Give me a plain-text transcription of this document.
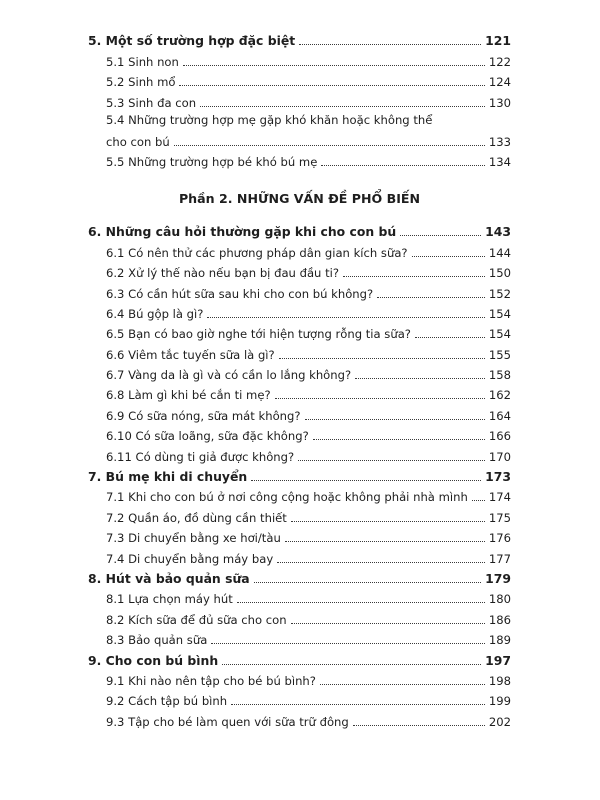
5. Một số trường hợp đặc biệt	121
5.1 Sinh non	122
5.2 Sinh mổ	124
5.3 Sinh đa con	130
5.4 Những trường hợp mẹ gặp khó khăn hoặc không thể
cho con bú	133
5.5 Những trường hợp bé khó bú mẹ	134
Phần 2. NHỮNG VẤN ĐỀ PHỔ BIẾN
6. Những câu hỏi thường gặp khi cho con bú	143
6.1 Có nên thử các phương pháp dân gian kích sữa?	144
6.2 Xử lý thế nào nếu bạn bị đau đầu ti?	150
6.3 Có cần hút sữa sau khi cho con bú không?	152
6.4 Bú gộp là gì?	154
6.5 Bạn có bao giờ nghe tới hiện tượng rỗng tia sữa?	154
6.6 Viêm tắc tuyến sữa là gì?	155
6.7 Vàng da là gì và có cần lo lắng không?	158
6.8 Làm gì khi bé cắn ti mẹ?	162
6.9 Có sữa nóng, sữa mát không?	164
6.10 Có sữa loãng, sữa đặc không?	166
6.11 Có dùng ti giả được không?	170
7. Bú mẹ khi di chuyển	173
7.1 Khi cho con bú ở nơi công cộng hoặc không phải nhà mình 174
7.2 Quần áo, đồ dùng cần thiết	175
7.3 Di chuyển bằng xe hơi/tàu	176
7.4 Di chuyển bằng máy bay	177
8. Hút và bảo quản sữa	179
8.1 Lựa chọn máy hút	180
8.2 Kích sữa để đủ sữa cho con	186
8.3 Bảo quản sữa	189
9. Cho con bú bình	197
9.1 Khi nào nên tập cho bé bú bình?	198
9.2 Cách tập bú bình	199
9.3 Tập cho bé làm quen với sữa trữ đông	202
